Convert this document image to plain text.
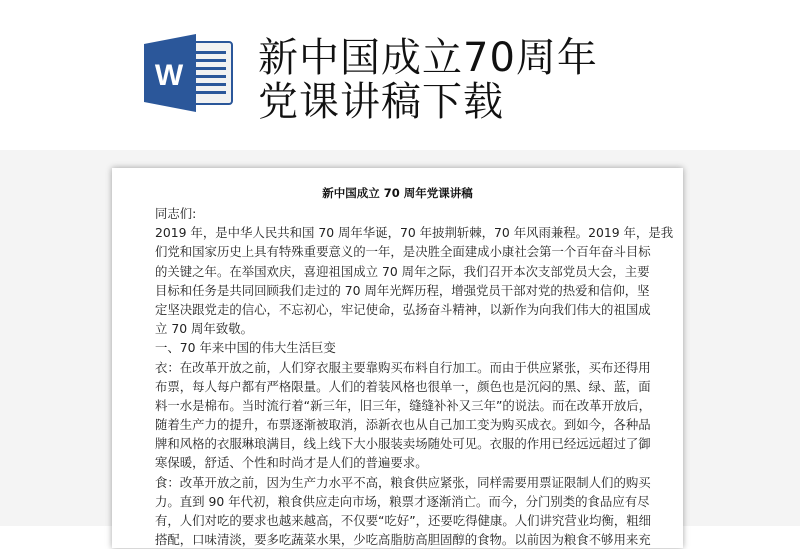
W 新中国成立70周年
党课讲稿下载
新中国成立 70 周年党课讲稿
同志们:
2019 年，是中华人民共和国 70 周年华诞，70 年披荆斩棘，70 年风雨兼程。2019 年，是我
们党和国家历史上具有特殊重要意义的一年，是决胜全面建成小康社会第一个百年奋斗目标
的关键之年。在举国欢庆，喜迎祖国成立 70 周年之际，我们召开本次支部党员大会，主要
目标和任务是共同回顾我们走过的 70 周年光辉历程，增强党员干部对党的热爱和信仰，坚
定坚决跟党走的信心，不忘初心，牢记使命，弘扬奋斗精神，以新作为向我们伟大的祖国成
立 70 周年致敬。
一、70 年来中国的伟大生活巨变
衣：在改革开放之前，人们穿衣服主要靠购买布料自行加工。而由于供应紧张，买布还得用
布票，每人每户都有严格限量。人们的着装风格也很单一，颜色也是沉闷的黑、绿、蓝，面
料一水是棉布。当时流行着“新三年，旧三年，缝缝补补又三年”的说法。而在改革开放后，
随着生产力的提升，布票逐渐被取消，添新衣也从自己加工变为购买成衣。到如今，各种品
牌和风格的衣服琳琅满目，线上线下大小服装卖场随处可见。衣服的作用已经远远超过了御
寒保暖，舒适、个性和时尚才是人们的普遍要求。
食：改革开放之前，因为生产力水平不高，粮食供应紧张，同样需要用票证限制人们的购买
力。直到 90 年代初，粮食供应走向市场，粮票才逐渐消亡。而今，分门别类的食品应有尽
有，人们对吃的要求也越来越高，不仅要“吃好”，还要吃得健康。人们讲究营业均衡，粗细
搭配，口味清淡，要多吃蔬菜水果，少吃高脂肪高胆固醇的食物。以前因为粮食不够用来充
